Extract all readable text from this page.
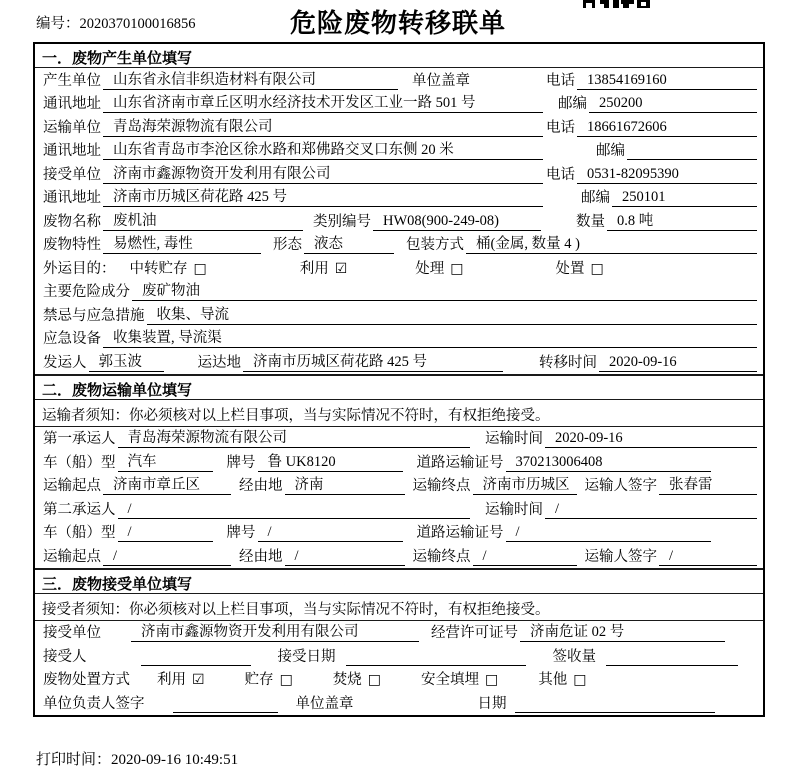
编号：2020370100016856	危险废物转移联单
一．废物产生单位填写
产生单位 山东省永信非织造材料有限公司	单位盖章	电话 13854169160
通讯地址 山东省济南市章丘区明水经济技术开发区工业一路 501 号	邮编 250200
运输单位 青岛海荣源物流有限公司	电话 18661672606
通讯地址 山东省青岛市李沧区徐水路和郑佛路交叉口东侧 20 米	邮编
接受单位 济南市鑫源物资开发利用有限公司	电话 0531-82095390
通讯地址 济南市历城区荷花路 425 号	邮编 250101
废物名称 废机油	类别编号 HW08(900-249-08)	数量 0.8 吨
废物特性 易燃性, 毒性	形态 液态	包装方式 桶(金属, 数量 4 )
外运目的： 中转贮存 □	利用 ☑	处理 □	处置 □
主要危险成分 废矿物油
禁忌与应急措施 收集、导流
应急设备 收集装置, 导流渠
发运人 郭玉波	运达地 济南市历城区荷花路 425 号	转移时间 2020-09-16
二．废物运输单位填写
运输者须知：你必须核对以上栏目事项，当与实际情况不符时，有权拒绝接受。
第一承运人 青岛海荣源物流有限公司	运输时间 2020-09-16
车（船）型 汽车	牌号 鲁 UK8120	道路运输证号 370213006408
运输起点 济南市章丘区	经由地 济南	运输终点 济南市历城区	运输人签字 张春雷
第二承运人 /	运输时间 /
车（船）型 /	牌号 /	道路运输证号 /
运输起点 /	经由地 /	运输终点 /	运输人签字 /
三．废物接受单位填写
接受者须知：你必须核对以上栏目事项，当与实际情况不符时，有权拒绝接受。
接受单位	济南市鑫源物资开发利用有限公司	经营许可证号 济南危证 02 号
接受人	接受日期	签收量
废物处置方式 利用 ☑	贮存 □	焚烧 □	安全填埋 □	其他 □
单位负责人签字	单位盖章	日期
打印时间：2020-09-16 10:49:51
